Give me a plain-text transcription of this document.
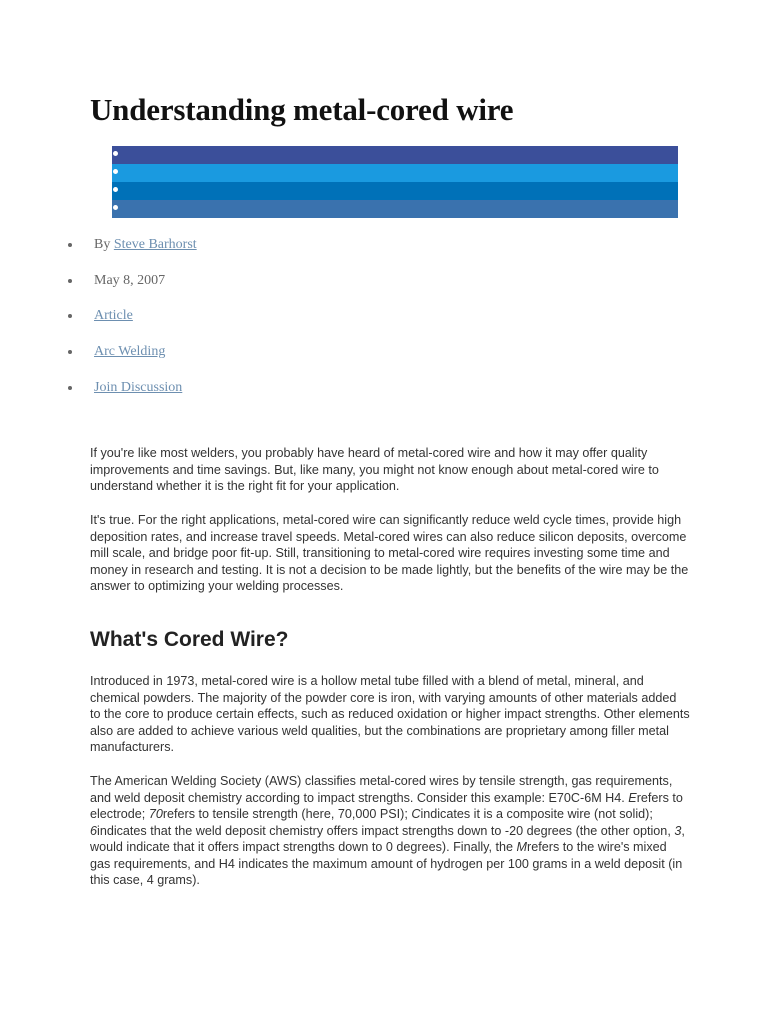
Understanding metal-cored wire
By Steve Barhorst
May 8, 2007
Article
Arc Welding
Join Discussion

If you're like most welders, you probably have heard of metal-cored wire and how it may offer quality improvements and time savings. But, like many, you might not know enough about metal-cored wire to understand whether it is the right fit for your application.

It's true. For the right applications, metal-cored wire can significantly reduce weld cycle times, provide high deposition rates, and increase travel speeds. Metal-cored wires can also reduce silicon deposits, overcome mill scale, and bridge poor fit-up. Still, transitioning to metal-cored wire requires investing some time and money in research and testing. It is not a decision to be made lightly, but the benefits of the wire may be the answer to optimizing your welding processes.

What's Cored Wire?

Introduced in 1973, metal-cored wire is a hollow metal tube filled with a blend of metal, mineral, and chemical powders. The majority of the powder core is iron, with varying amounts of other materials added to the core to produce certain effects, such as reduced oxidation or higher impact strengths. Other elements also are added to achieve various weld qualities, but the combinations are proprietary among filler metal manufacturers.

The American Welding Society (AWS) classifies metal-cored wires by tensile strength, gas requirements, and weld deposit chemistry according to impact strengths. Consider this example: E70C-6M H4. Erefers to electrode; 70refers to tensile strength (here, 70,000 PSI); Cindicates it is a composite wire (not solid); 6indicates that the weld deposit chemistry offers impact strengths down to -20 degrees (the other option, 3, would indicate that it offers impact strengths down to 0 degrees). Finally, the Mrefers to the wire's mixed gas requirements, and H4 indicates the maximum amount of hydrogen per 100 grams in a weld deposit (in this case, 4 grams).
